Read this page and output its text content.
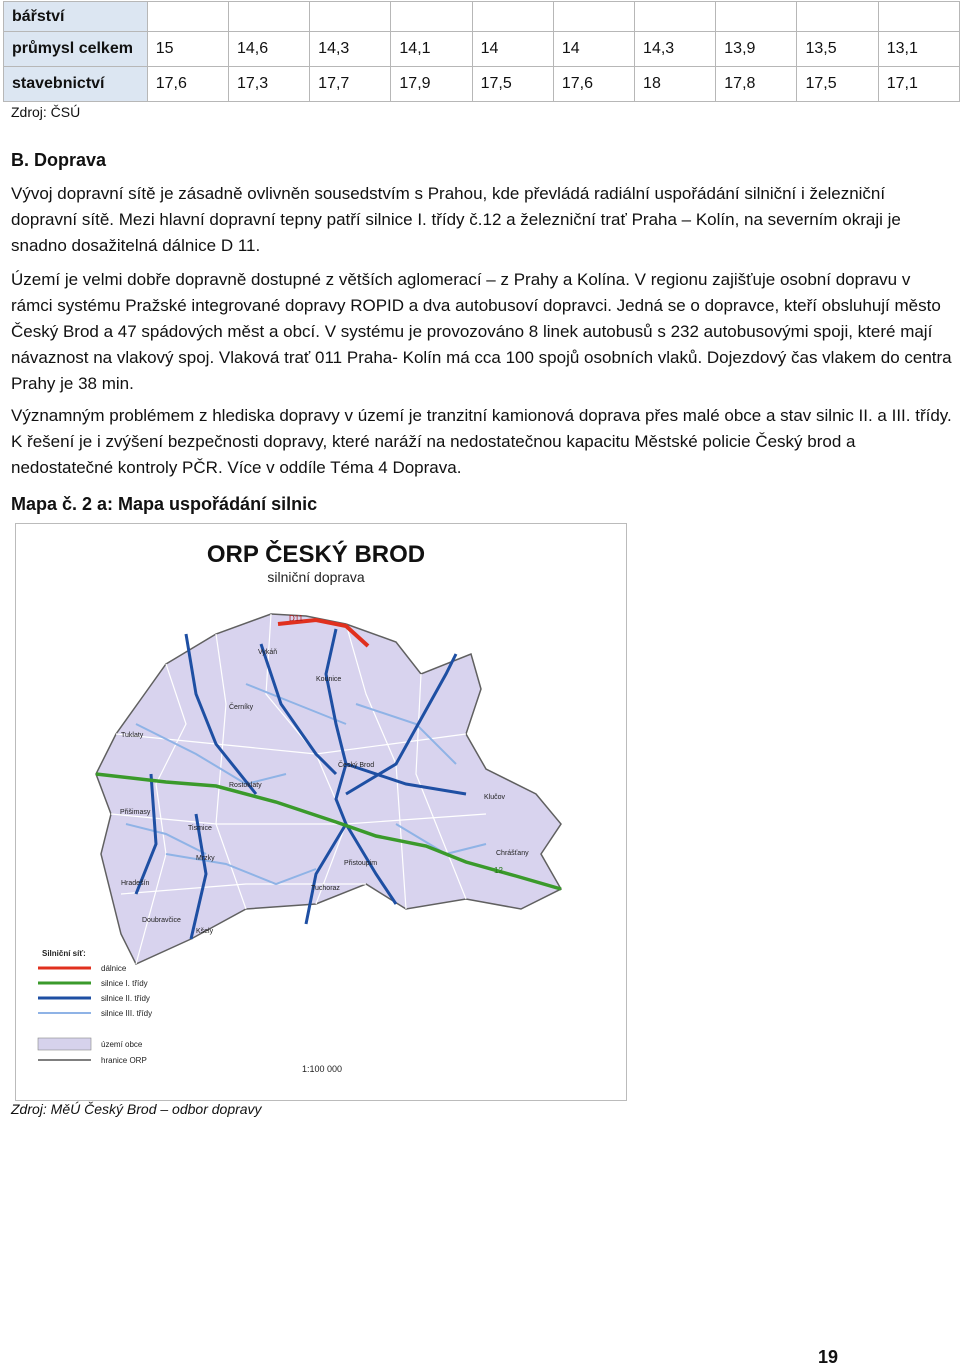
bářství										
průmysl celkem	15	14,6	14,3	14,1	14	14	14,3	13,9	13,5	13,1
stavebnictví	17,6	17,3	17,7	17,9	17,5	17,6	18	17,8	17,5	17,1
Zdroj: ČSÚ
B. Doprava

Vývoj dopravní sítě je zásadně ovlivněn sousedstvím s Prahou, kde převládá radiální uspořádání silniční i železniční dopravní sítě. Mezi hlavní dopravní tepny patří silnice I. třídy č.12 a železniční trať Praha – Kolín, na severním okraji je snadno dosažitelná dálnice D 11.

Území je velmi dobře dopravně dostupné z větších aglomerací – z Prahy a Kolína. V regionu zajišťuje osobní dopravu v rámci systému Pražské integrované dopravy ROPID a dva autobusoví dopravci. Jedná se o dopravce, kteří obsluhují město Český Brod a 47 spádových měst a obcí. V systému je provozováno 8 linek autobusů s 232 autobusovými spoji, které mají návaznost na vlakový spoj. Vlaková trať 011 Praha- Kolín má cca 100 spojů osobních vlaků. Dojezdový čas vlakem do centra Prahy je 38 min.

Významným problémem z hlediska dopravy v území je tranzitní kamionová doprava přes malé obce a stav silnic II. a III. třídy. K řešení je i zvýšení bezpečnosti dopravy, které naráží na nedostatečnou kapacitu Městské policie Český brod a nedostatečné kontroly PČR. Více v oddíle Téma 4 Doprava.

Mapa č. 2 a: Mapa uspořádání silnic
ORP ČESKÝ BROD
silniční doprava
D11
12
Vykáň
Kounice
Černíky
Tuklaty
Český Brod
Rostoklaty
Klučov
Přišimasy
Tismice
Chrášťany
Mrzky
Přistoupim
Hradešín
Tuchoraz
Doubravčice
Kšely
Silniční síť:
dálnice
silnice I. třídy
silnice II. třídy
silnice III. třídy
území obce
hranice ORP
1:100 000
Zdroj: MěÚ Český Brod – odbor dopravy
19
